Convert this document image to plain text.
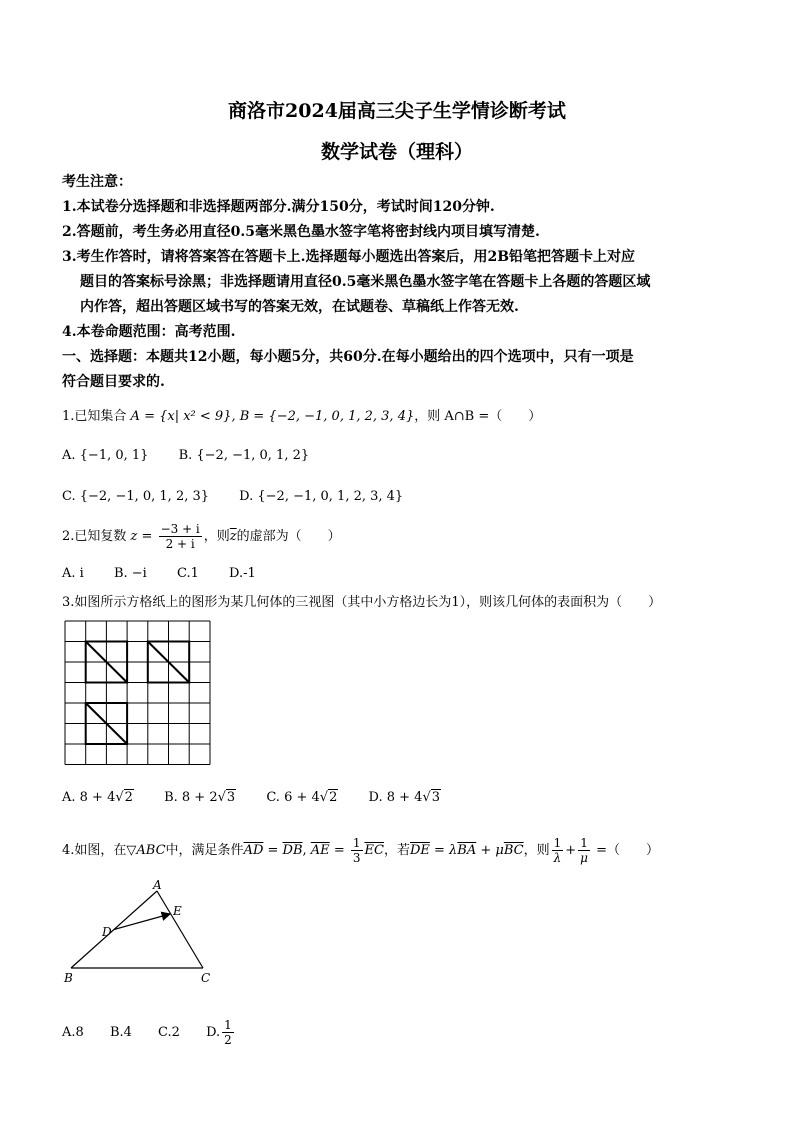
商洛市2024届高三尖子生学情诊断考试
数学试卷（理科）
考生注意：
1.本试卷分选择题和非选择题两部分.满分150分，考试时间120分钟.
2.答题前，考生务必用直径0.5毫米黑色墨水签字笔将密封线内项目填写清楚.
3.考生作答时，请将答案答在答题卡上.选择题每小题选出答案后，用2B铅笔把答题卡上对应
题目的答案标号涂黑；非选择题请用直径0.5毫米黑色墨水签字笔在答题卡上各题的答题区域
内作答，超出答题区域书写的答案无效，在试题卷、草稿纸上作答无效.
4.本卷命题范围：高考范围.
一、选择题：本题共12小题，每小题5分，共60分.在每小题给出的四个选项中，只有一项是
符合题目要求的.
1.已知集合 A = {x| x² < 9}, B = {−2, −1, 0, 1, 2, 3, 4}，则 A∩B =（　　）
A. {−1, 0, 1} B. {−2, −1, 0, 1, 2}
C. {−2, −1, 0, 1, 2, 3} D. {−2, −1, 0, 1, 2, 3, 4}
2.已知复数 $z = \frac{-3 + i}{2 + i}$ ，则$\overline{z}$的虚部为（　　）
A. i B. −i C.1 D.-1
3.如图所示方格纸上的图形为某几何体的三视图（其中小方格边长为1），则该几何体的表面积为（　　）
A. 8 + 4√2 B. 8 + 2√3 C. 6 + 4√2 D. 8 + 4√3
4.如图，在▽ABC中，满足条件$\overline{AD} = \overline{DB}$, $\overline{AE} = \frac{1}{3} \overline{EC}$，若$\overline{DE} = \lambda\overline{BA} + \mu\overline{BC}$，则 $\frac{1}{\lambda} + \frac{1}{\mu}$ =（　　）
A
B	C
D
E
A.8 B.4 C.2 D. $\frac{1}{2}$
